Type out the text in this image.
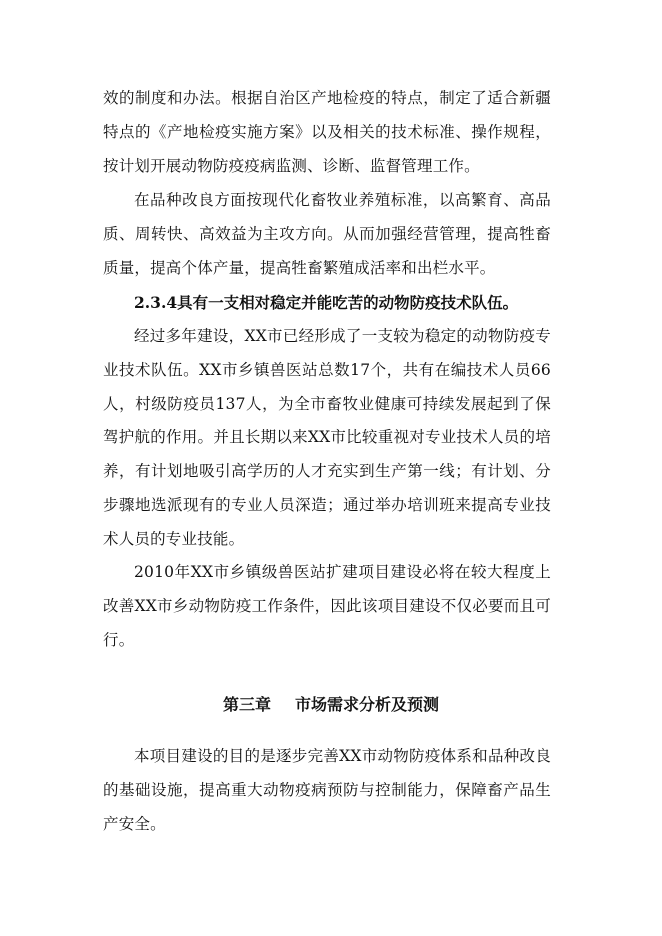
效的制度和办法。根据自治区产地检疫的特点，制定了适合新疆特点的《产地检疫实施方案》以及相关的技术标准、操作规程，按计划开展动物防疫疫病监测、诊断、监督管理工作。

在品种改良方面按现代化畜牧业养殖标准，以高繁育、高品质、周转快、高效益为主攻方向。从而加强经营管理，提高牲畜质量，提高个体产量，提高牲畜繁殖成活率和出栏水平。

2.3.4具有一支相对稳定并能吃苦的动物防疫技术队伍。

经过多年建设，XX市已经形成了一支较为稳定的动物防疫专业技术队伍。XX市乡镇兽医站总数17个，共有在编技术人员66人，村级防疫员137人，为全市畜牧业健康可持续发展起到了保驾护航的作用。并且长期以来XX市比较重视对专业技术人员的培养，有计划地吸引高学历的人才充实到生产第一线；有计划、分步骤地选派现有的专业人员深造；通过举办培训班来提高专业技术人员的专业技能。

2010年XX市乡镇级兽医站扩建项目建设必将在较大程度上改善XX市乡动物防疫工作条件，因此该项目建设不仅必要而且可行。

第三章 市场需求分析及预测

本项目建设的目的是逐步完善XX市动物防疫体系和品种改良的基础设施，提高重大动物疫病预防与控制能力，保障畜产品生产安全。
